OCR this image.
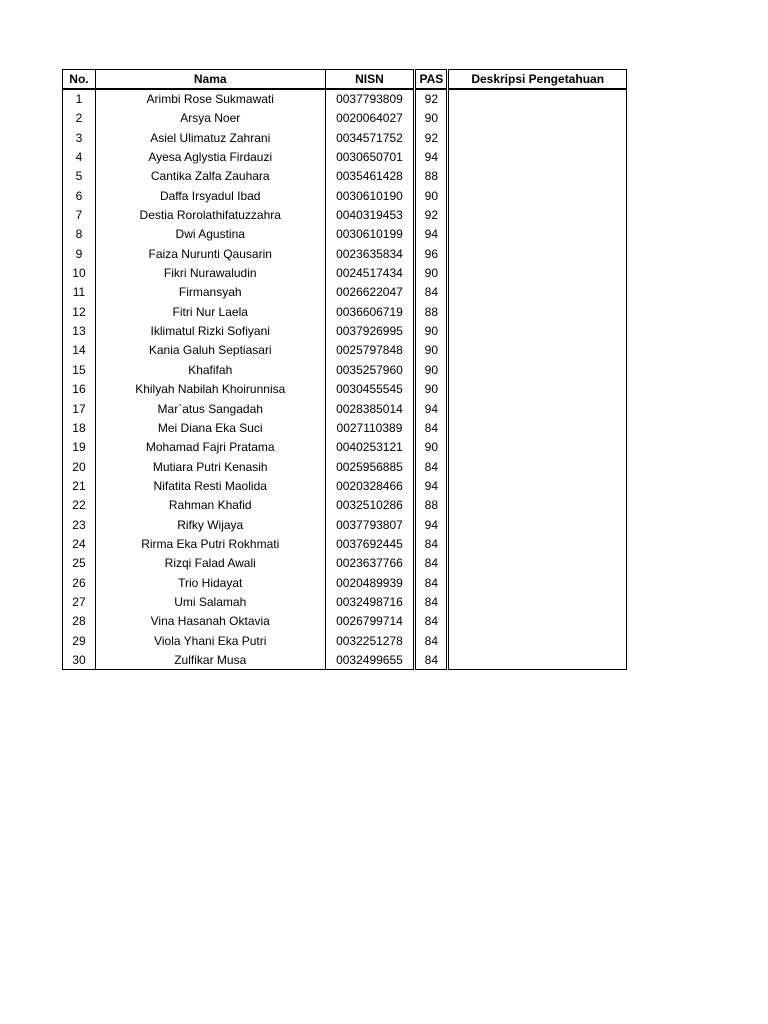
No.	Nama	NISN	PAS	Deskripsi Pengetahuan
1	Arimbi Rose Sukmawati	0037793809	92
2	Arsya Noer	0020064027	90
3	Asiel Ulimatuz Zahrani	0034571752	92
4	Ayesa Aglystia Firdauzi	0030650701	94
5	Cantika Zalfa Zauhara	0035461428	88
6	Daffa Irsyadul Ibad	0030610190	90
7	Destia Rorolathifatuzzahra	0040319453	92
8	Dwi Agustina	0030610199	94
9	Faiza Nurunti Qausarin	0023635834	96
10	Fikri Nurawaludin	0024517434	90
11	Firmansyah	0026622047	84
12	Fitri Nur Laela	0036606719	88
13	Iklimatul Rizki Sofiyani	0037926995	90
14	Kania Galuh Septiasari	0025797848	90
15	Khafifah	0035257960	90
16	Khilyah Nabilah Khoirunnisa	0030455545	90
17	Mar`atus Sangadah	0028385014	94
18	Mei Diana Eka Suci	0027110389	84
19	Mohamad Fajri Pratama	0040253121	90
20	Mutiara Putri Kenasih	0025956885	84
21	Nifatita Resti Maolida	0020328466	94
22	Rahman Khafid	0032510286	88
23	Rifky Wijaya	0037793807	94
24	Rirma Eka Putri Rokhmati	0037692445	84
25	Rizqi Falad Awali	0023637766	84
26	Trio Hidayat	0020489939	84
27	Umi Salamah	0032498716	84
28	Vina Hasanah Oktavia	0026799714	84
29	Viola Yhani Eka Putri	0032251278	84
30	Zulfikar Musa	0032499655	84
